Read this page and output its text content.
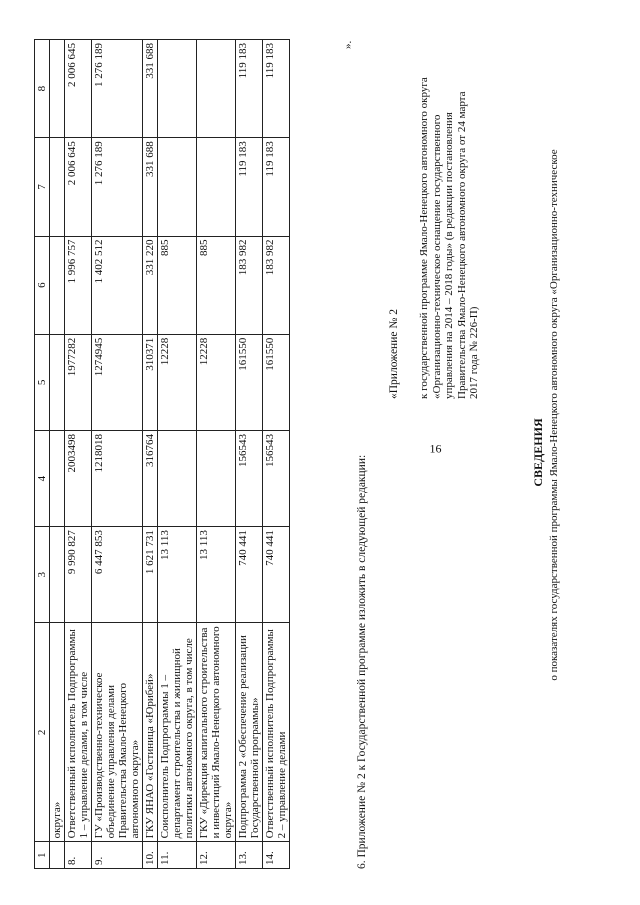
16
1	2	3	4	5	6	7	8
	округа»						
8.	Ответственный исполнитель Подпрограммы 1 – управление делами, в том числе	9 990 827	2003498	1977282	1 996 757	2 006 645	2 006 645
9.	ГУ «Производственно-техническое объединение управления делами Правительства Ямало-Ненецкого автономного округа»	6 447 853	1218018	1274945	1 402 512	1 276 189	1 276 189
10.	ГКУ ЯНАО «Гостиница «Юрибей»	1 621 731	316764	310371	331 220	331 688	331 688
11.	Соисполнитель Подпрограммы 1 – департамент строительства и жилищной политики автономного округа, в том числе	13 113		12228	885		
12.	ГКУ «Дирекция капитального строительства и инвестиций Ямало-Ненецкого автономного округа»	13 113		12228	885		
13.	Подпрограмма 2 «Обеспечение реализации Государственной программы»	740 441	156543	161550	183 982	119 183	119 183
14.	Ответственный исполнитель Подпрограммы 2 – управление делами	740 441	156543	161550	183 982	119 183	119 183	».
6. Приложение № 2 к Государственной программе изложить в следующей редакции:
«Приложение № 2 к государственной программе Ямало-Ненецкого автономного округа «Организационно-техническое оснащение государственного управления на 2014 – 2018 годы» (в редакции постановления Правительства Ямало-Ненецкого автономного округа от 24 марта 2017 года № 226-П)
СВЕДЕНИЯ о показателях государственной программы Ямало-Ненецкого автономного округа «Организационно-техническое
